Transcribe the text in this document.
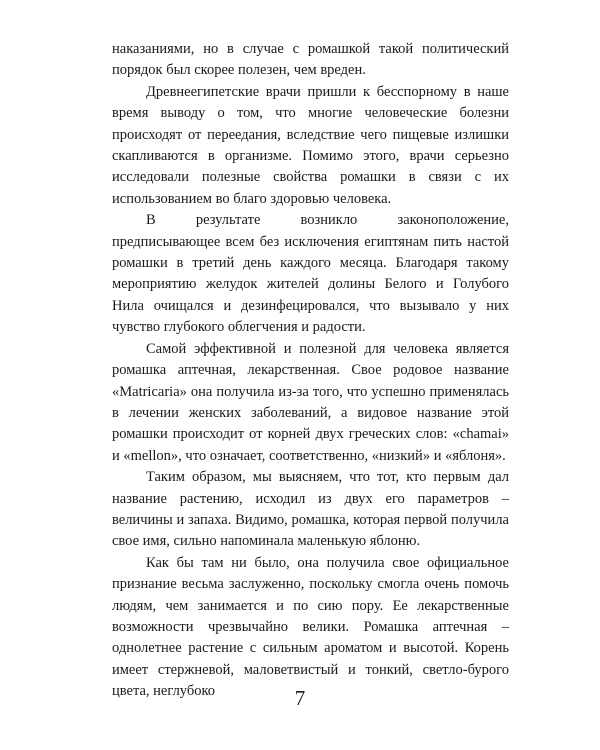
наказаниями, но в случае с ромашкой такой политический порядок был скорее полезен, чем вреден.

Древнеегипетские врачи пришли к бесспорному в наше время выводу о том, что многие человеческие болезни происходят от переедания, вследствие чего пищевые излишки скапливаются в организме. Помимо этого, врачи серьезно исследовали полезные свойства ромашки в связи с их использованием во благо здоровью человека.

В результате возникло законоположение, предписывающее всем без исключения египтянам пить настой ромашки в третий день каждого месяца. Благодаря такому мероприятию желудок жителей долины Белого и Голубого Нила очищался и дезинфецировался, что вызывало у них чувство глубокого облегчения и радости.

Самой эффективной и полезной для человека является ромашка аптечная, лекарственная. Свое родовое название «Matricaria» она получила из-за того, что успешно применялась в лечении женских заболеваний, а видовое название этой ромашки происходит от корней двух греческих слов: «chamai» и «mellon», что означает, соответственно, «низкий» и «яблоня».

Таким образом, мы выясняем, что тот, кто первым дал название растению, исходил из двух его параметров – величины и запаха. Видимо, ромашка, которая первой получила свое имя, сильно напоминала маленькую яблоню.

Как бы там ни было, она получила свое официальное признание весьма заслуженно, поскольку смогла очень помочь людям, чем занимается и по сию пору. Ее лекарственные возможности чрезвычайно велики. Ромашка аптечная – однолетнее растение с сильным ароматом и высотой. Корень имеет стержневой, маловетвистый и тонкий, светло-бурого цвета, неглубоко	7
